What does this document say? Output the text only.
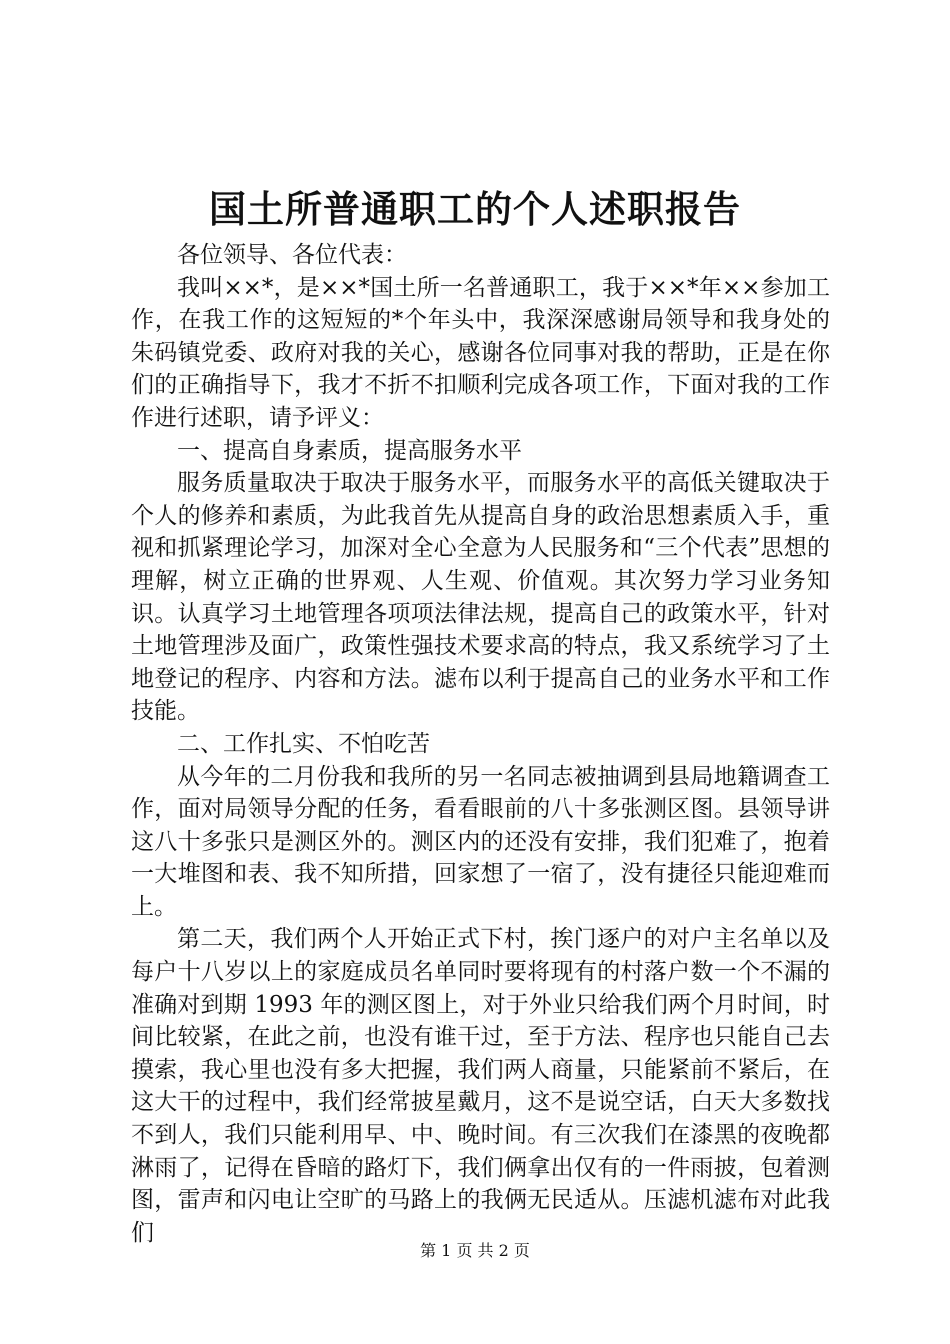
国土所普通职工的个人述职报告

各位领导、各位代表：

我叫××*，是××*国土所一名普通职工，我于××*年××参加工作，在我工作的这短短的*个年头中，我深深感谢局领导和我身处的朱码镇党委、政府对我的关心，感谢各位同事对我的帮助，正是在你们的正确指导下，我才不折不扣顺利完成各项工作，下面对我的工作作进行述职，请予评义：

一、提高自身素质，提高服务水平

服务质量取决于取决于服务水平，而服务水平的高低关键取决于个人的修养和素质，为此我首先从提高自身的政治思想素质入手，重视和抓紧理论学习，加深对全心全意为人民服务和“三个代表”思想的理解，树立正确的世界观、人生观、价值观。其次努力学习业务知识。认真学习土地管理各项项法律法规，提高自己的政策水平，针对土地管理涉及面广，政策性强技术要求高的特点，我又系统学习了土地登记的程序、内容和方法。滤布以利于提高自己的业务水平和工作技能。

二、工作扎实、不怕吃苦

从今年的二月份我和我所的另一名同志被抽调到县局地籍调查工作，面对局领导分配的任务，看看眼前的八十多张测区图。县领导讲这八十多张只是测区外的。测区内的还没有安排，我们犯难了，抱着一大堆图和表、我不知所措，回家想了一宿了，没有捷径只能迎难而上。

第二天，我们两个人开始正式下村，挨门逐户的对户主名单以及每户十八岁以上的家庭成员名单同时要将现有的村落户数一个不漏的准确对到期 1993 年的测区图上，对于外业只给我们两个月时间，时间比较紧，在此之前，也没有谁干过，至于方法、程序也只能自己去摸索，我心里也没有多大把握，我们两人商量，只能紧前不紧后，在这大干的过程中，我们经常披星戴月，这不是说空话，白天大多数找不到人，我们只能利用早、中、晚时间。有三次我们在漆黑的夜晚都淋雨了，记得在昏暗的路灯下，我们俩拿出仅有的一件雨披，包着测图，雷声和闪电让空旷的马路上的我俩无民适从。压滤机滤布对此我们

第 1 页 共 2 页
